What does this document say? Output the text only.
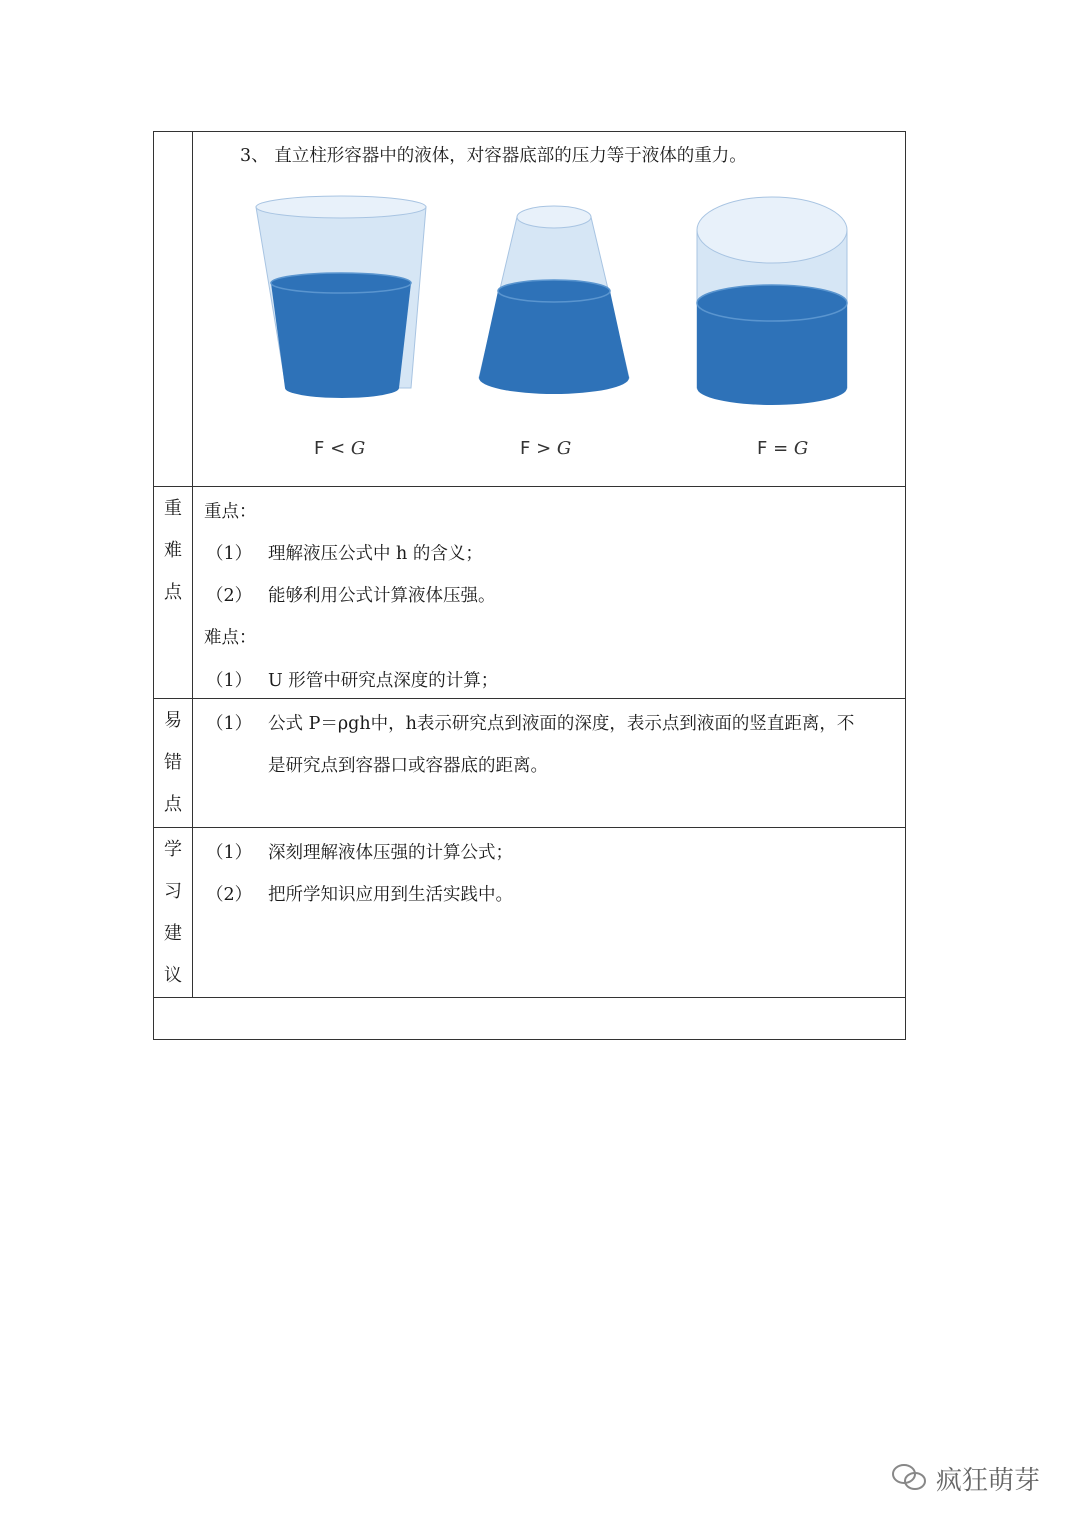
3、 直立柱形容器中的液体，对容器底部的压力等于液体的重力。
F < G	F > G	F = G
重
难
点
重点：
（1） 理解液压公式中 h 的含义；
（2） 能够利用公式计算液体压强。
难点：
（1） U 形管中研究点深度的计算；
易
错
点
（1） 公式 P＝ρgh中，h表示研究点到液面的深度，表示点到液面的竖直距离，不
是研究点到容器口或容器底的距离。
学
习
建
议
（1） 深刻理解液体压强的计算公式；
（2） 把所学知识应用到生活实践中。
疯狂萌芽
